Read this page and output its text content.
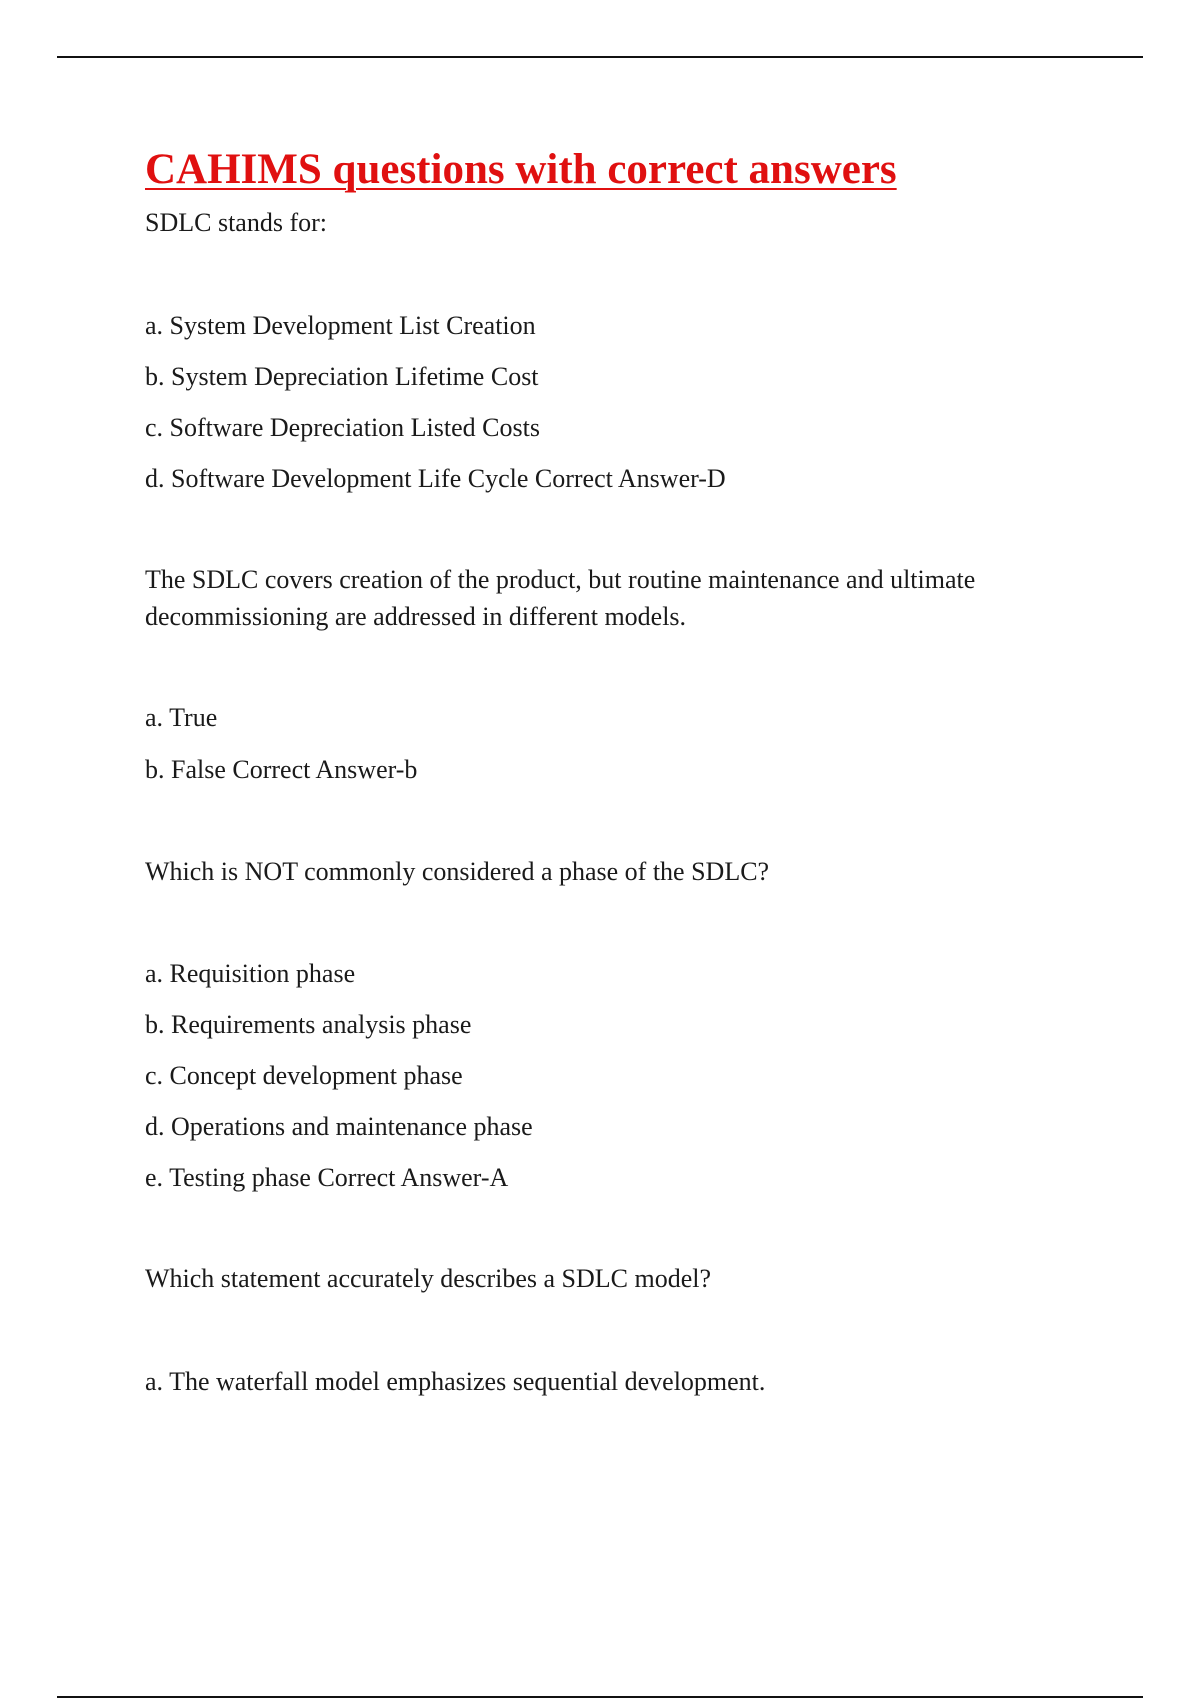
CAHIMS questions with correct answers

SDLC stands for:

a. System Development List Creation

b. System Depreciation Lifetime Cost

c. Software Depreciation Listed Costs

d. Software Development Life Cycle Correct Answer-D

The SDLC covers creation of the product, but routine maintenance and ultimate decommissioning are addressed in different models.

a. True

b. False Correct Answer-b

Which is NOT commonly considered a phase of the SDLC?

a. Requisition phase

b. Requirements analysis phase

c. Concept development phase

d. Operations and maintenance phase

e. Testing phase Correct Answer-A

Which statement accurately describes a SDLC model?

a. The waterfall model emphasizes sequential development.
